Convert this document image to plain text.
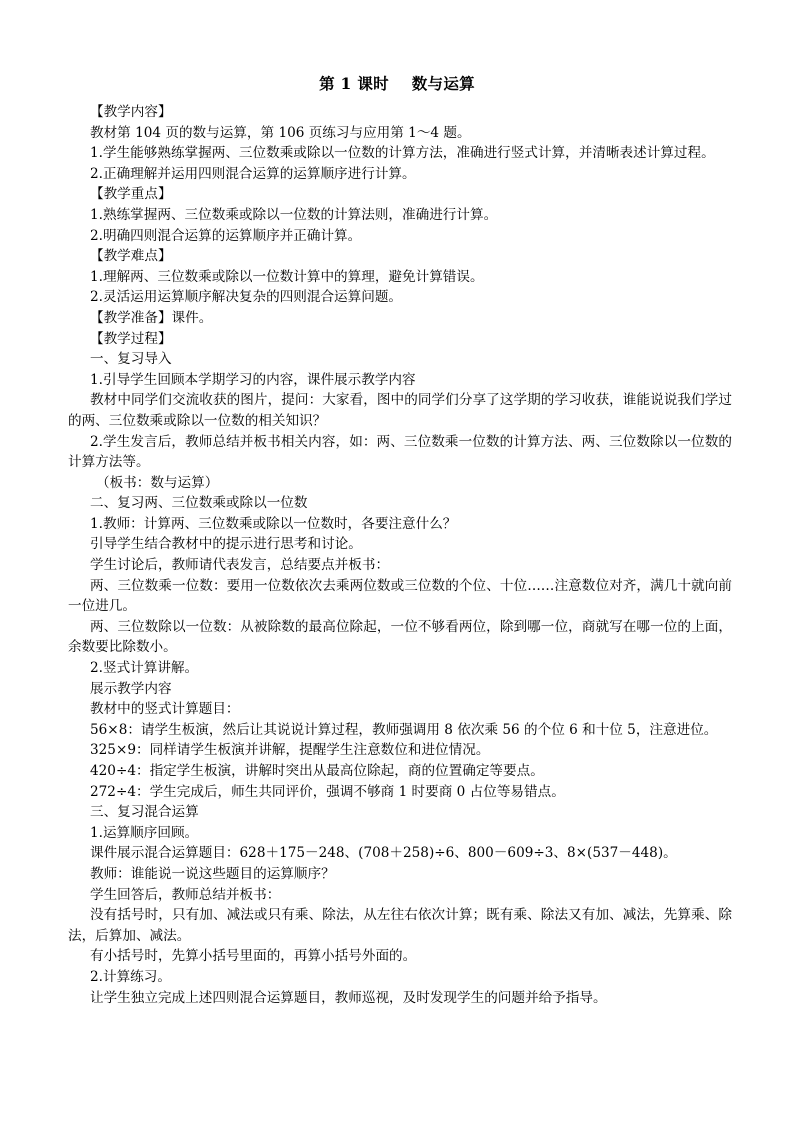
第 1 课时    数与运算

【教学内容】

教材第 104 页的数与运算，第 106 页练习与应用第 1～4 题。

1.学生能够熟练掌握两、三位数乘或除以一位数的计算方法，准确进行竖式计算，并清晰表述计算过程。

2.正确理解并运用四则混合运算的运算顺序进行计算。

【教学重点】

1.熟练掌握两、三位数乘或除以一位数的计算法则，准确进行计算。

2.明确四则混合运算的运算顺序并正确计算。

【教学难点】

1.理解两、三位数乘或除以一位数计算中的算理，避免计算错误。

2.灵活运用运算顺序解决复杂的四则混合运算问题。

【教学准备】课件。

【教学过程】

一、复习导入

1.引导学生回顾本学期学习的内容，课件展示教学内容

教材中同学们交流收获的图片，提问：大家看，图中的同学们分享了这学期的学习收获，谁能说说我们学过的两、三位数乘或除以一位数的相关知识？

2.学生发言后，教师总结并板书相关内容，如：两、三位数乘一位数的计算方法、两、三位数除以一位数的计算方法等。

（板书：数与运算）

二、复习两、三位数乘或除以一位数

1.教师：计算两、三位数乘或除以一位数时，各要注意什么？

引导学生结合教材中的提示进行思考和讨论。

学生讨论后，教师请代表发言，总结要点并板书：

两、三位数乘一位数：要用一位数依次去乘两位数或三位数的个位、十位……注意数位对齐，满几十就向前一位进几。

两、三位数除以一位数：从被除数的最高位除起，一位不够看两位，除到哪一位，商就写在哪一位的上面，余数要比除数小。

2.竖式计算讲解。

展示教学内容

教材中的竖式计算题目：

56×8：请学生板演，然后让其说说计算过程，教师强调用 8 依次乘 56 的个位 6 和十位 5，注意进位。

325×9：同样请学生板演并讲解，提醒学生注意数位和进位情况。

420÷4：指定学生板演，讲解时突出从最高位除起，商的位置确定等要点。

272÷4：学生完成后，师生共同评价，强调不够商 1 时要商 0 占位等易错点。

三、复习混合运算

1.运算顺序回顾。

课件展示混合运算题目：628＋175－248、(708＋258)÷6、800－609÷3、8×(537－448)。

教师：谁能说一说这些题目的运算顺序？

学生回答后，教师总结并板书：

没有括号时，只有加、减法或只有乘、除法，从左往右依次计算；既有乘、除法又有加、减法，先算乘、除法，后算加、减法。

有小括号时，先算小括号里面的，再算小括号外面的。

2.计算练习。

让学生独立完成上述四则混合运算题目，教师巡视，及时发现学生的问题并给予指导。
